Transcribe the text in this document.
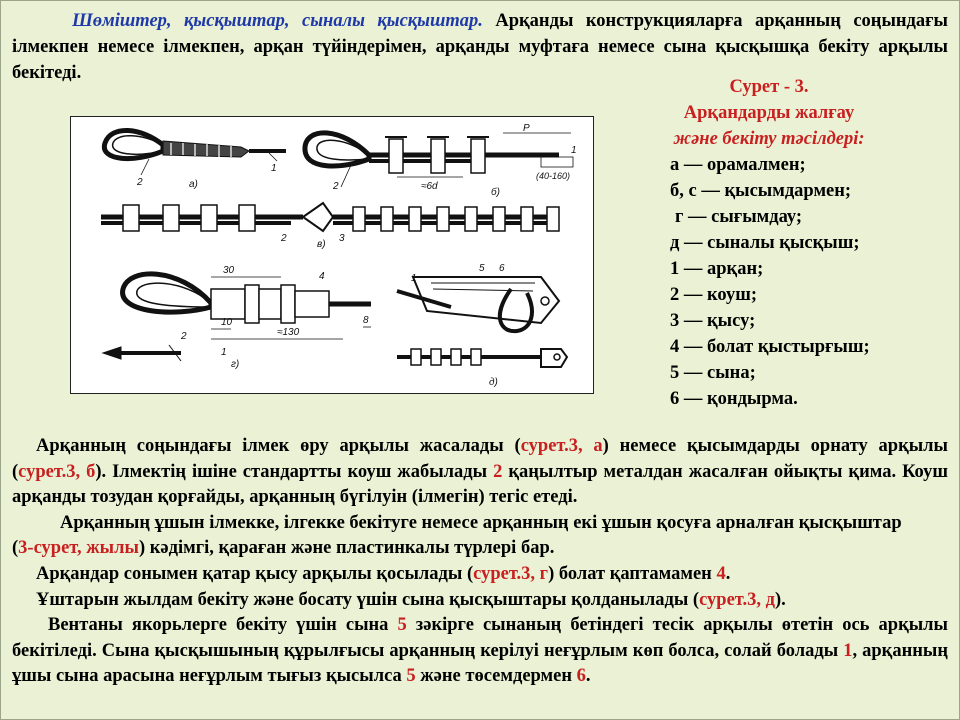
Шөмiштер, қысқыштар, сыналы қысқыштар. Арқанды конструкцияларға арқанның соңындағы ілмекпен немесе ілмекпен, арқан түйіндерімен, арқанды муфтаға немесе сына қысқышқа бекіту арқылы бекітеді.

а)
1
2
P
≈6d
(40-160)
б)
2
1
в)
2	3
30
10
≈130
8
4
2
1
г)
5 6
1
д)
Сурет - 3.
Арқандарды жалғау
және бекіту тәсілдері:
а — орамалмен;
б, с — қысымдармен;
г — сығымдау;
д — сыналы қысқыш;
1 — арқан;
2 — коуш;
3 — қысу;
4 — болат қыстырғыш;
5 — сына;
6 — қондырма.

Арқанның соңындағы ілмек өру арқылы жасалады (сурет.3, а) немесе қысымдарды орнату арқылы (сурет.3, б). Ілмектің ішіне стандартты коуш жабылады 2 қаңылтыр металдан жасалған ойықты қима. Коуш арқанды тозудан қорғайды, арқанның бүгілуін (ілмегін) тегіс етеді.

Арқанның ұшын ілмекке, ілгекке бекітуге немесе арқанның екі ұшын қосуға арналған қысқыштар

(3-сурет, жылы) кәдімгі, қараған және пластинкалы түрлері бар.

Арқандар сонымен қатар қысу арқылы қосылады (сурет.3, г) болат қаптамамен 4.

Ұштарын жылдам бекіту және босату үшін сына қысқыштары қолданылады (сурет.3, д).

Вентаны якорьлерге бекіту үшін сына 5 зәкірге сынаның бетіндегі тесік арқылы өтетін ось арқылы бекітіледі. Сына қысқышының құрылғысы арқанның керілуі неғұрлым көп болса, солай болады 1, арқанның ұшы сына арасына неғұрлым тығыз қысылса 5 және төсемдермен 6.
